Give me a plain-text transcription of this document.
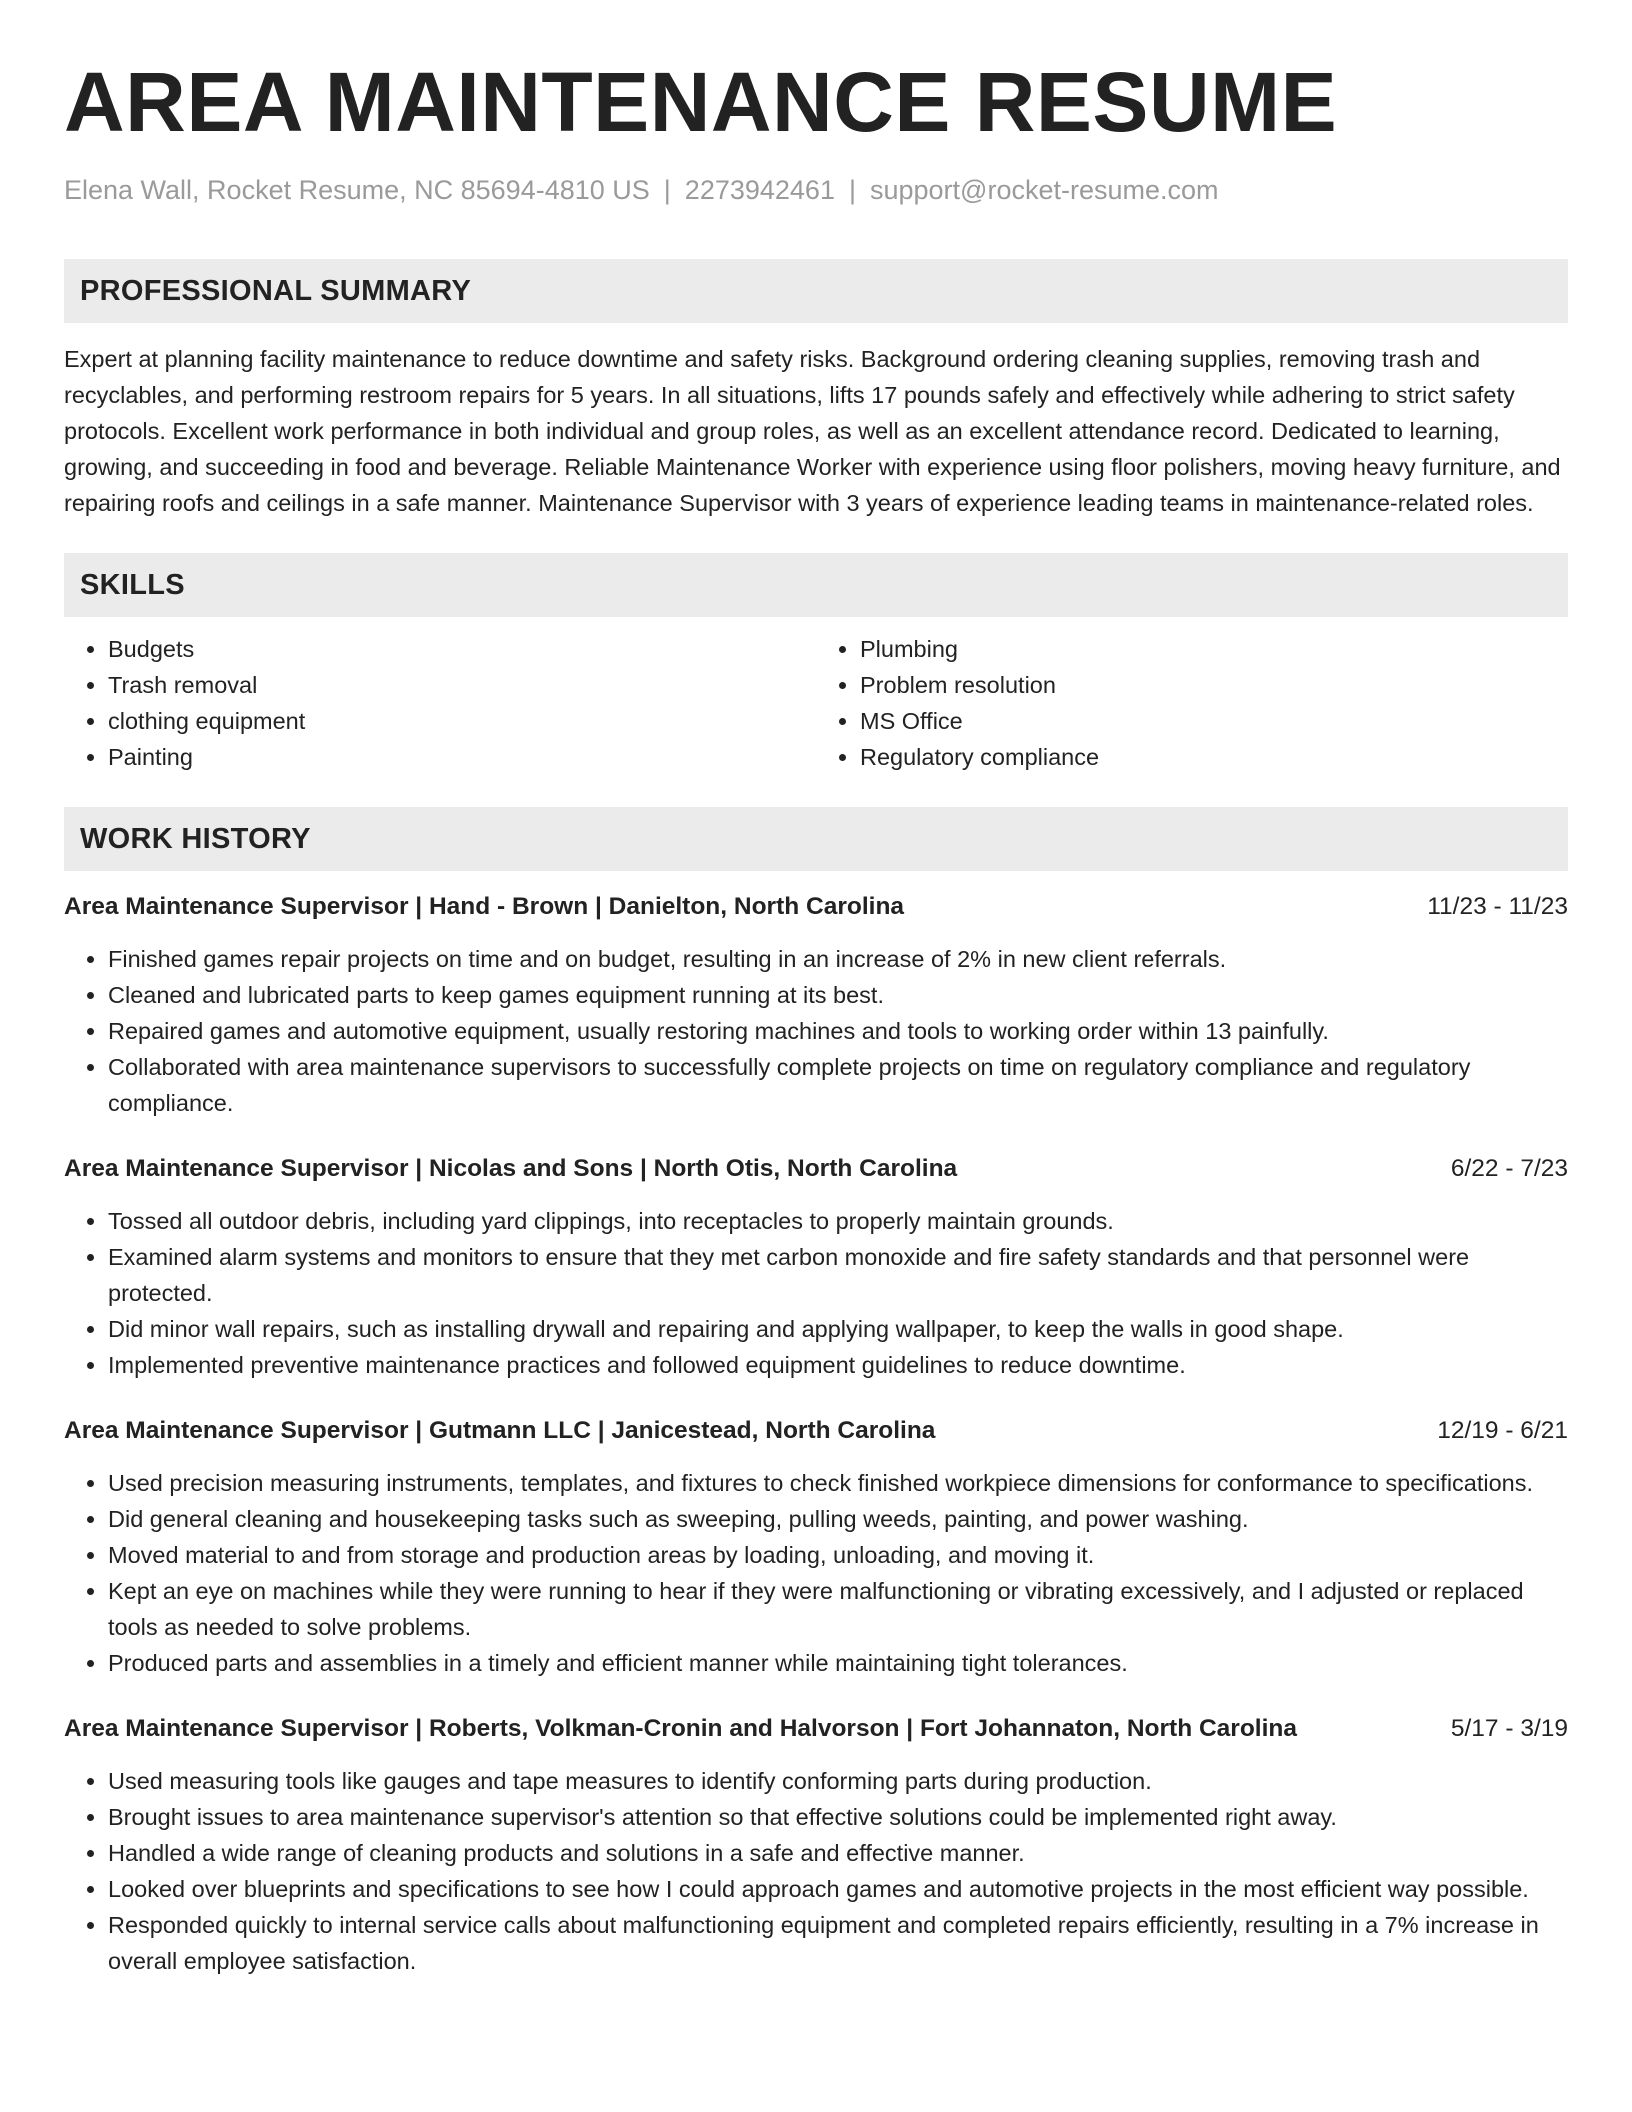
AREA MAINTENANCE RESUME
Elena Wall, Rocket Resume, NC 85694-4810 US | 2273942461 | support@rocket-resume.com
PROFESSIONAL SUMMARY

Expert at planning facility maintenance to reduce downtime and safety risks. Background ordering cleaning supplies, removing trash and recyclables, and performing restroom repairs for 5 years. In all situations, lifts 17 pounds safely and effectively while adhering to strict safety protocols. Excellent work performance in both individual and group roles, as well as an excellent attendance record. Dedicated to learning, growing, and succeeding in food and beverage. Reliable Maintenance Worker with experience using floor polishers, moving heavy furniture, and repairing roofs and ceilings in a safe manner. Maintenance Supervisor with 3 years of experience leading teams in maintenance-related roles.

SKILLS
• Budgets
• Trash removal
• clothing equipment
• Painting
• Plumbing
• Problem resolution
• MS Office
• Regulatory compliance
WORK HISTORY
Area Maintenance Supervisor | Hand - Brown | Danielton, North Carolina	11/23 - 11/23
• Finished games repair projects on time and on budget, resulting in an increase of 2% in new client referrals.
• Cleaned and lubricated parts to keep games equipment running at its best.
• Repaired games and automotive equipment, usually restoring machines and tools to working order within 13 painfully.
• Collaborated with area maintenance supervisors to successfully complete projects on time on regulatory compliance and regulatory compliance.
Area Maintenance Supervisor | Nicolas and Sons | North Otis, North Carolina	6/22 - 7/23
• Tossed all outdoor debris, including yard clippings, into receptacles to properly maintain grounds.
• Examined alarm systems and monitors to ensure that they met carbon monoxide and fire safety standards and that personnel were protected.
• Did minor wall repairs, such as installing drywall and repairing and applying wallpaper, to keep the walls in good shape.
• Implemented preventive maintenance practices and followed equipment guidelines to reduce downtime.
Area Maintenance Supervisor | Gutmann LLC | Janicestead, North Carolina	12/19 - 6/21
• Used precision measuring instruments, templates, and fixtures to check finished workpiece dimensions for conformance to specifications.
• Did general cleaning and housekeeping tasks such as sweeping, pulling weeds, painting, and power washing.
• Moved material to and from storage and production areas by loading, unloading, and moving it.
• Kept an eye on machines while they were running to hear if they were malfunctioning or vibrating excessively, and I adjusted or replaced tools as needed to solve problems.
• Produced parts and assemblies in a timely and efficient manner while maintaining tight tolerances.
Area Maintenance Supervisor | Roberts, Volkman-Cronin and Halvorson | Fort Johannaton, North Carolina	5/17 - 3/19
• Used measuring tools like gauges and tape measures to identify conforming parts during production.
• Brought issues to area maintenance supervisor's attention so that effective solutions could be implemented right away.
• Handled a wide range of cleaning products and solutions in a safe and effective manner.
• Looked over blueprints and specifications to see how I could approach games and automotive projects in the most efficient way possible.
• Responded quickly to internal service calls about malfunctioning equipment and completed repairs efficiently, resulting in a 7% increase in overall employee satisfaction.
